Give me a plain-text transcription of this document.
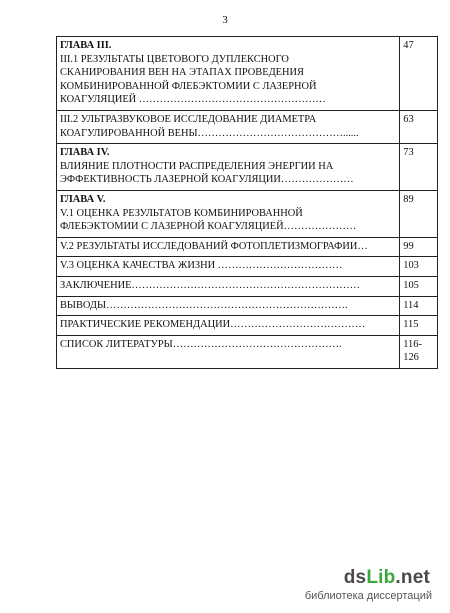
3
ГЛАВА III.
III.1 РЕЗУЛЬТАТЫ ЦВЕТОВОГО ДУПЛЕКСНОГО
СКАНИРОВАНИЯ ВЕН НА ЭТАПАХ ПРОВЕДЕНИЯ
КОМБИНИРОВАННОЙ ФЛЕБЭКТОМИИ С ЛАЗЕРНОЙ
КОАГУЛЯЦИЕЙ ………………………………………………	47

III.2 УЛЬТРАЗВУКОВОЕ ИССЛЕДОВАНИЕ ДИАМЕТРА
КОАГУЛИРОВАННОЙ ВЕНЫ……………………………………......	63

ГЛАВА IV.
ВЛИЯНИЕ ПЛОТНОСТИ РАСПРЕДЕЛЕНИЯ ЭНЕРГИИ НА
ЭФФЕКТИВНОСТЬ ЛАЗЕРНОЙ КОАГУЛЯЦИИ…………………	73

ГЛАВА V.
V.1 ОЦЕНКА РЕЗУЛЬТАТОВ КОМБИНИРОВАННОЙ
ФЛЕБЭКТОМИИ С ЛАЗЕРНОЙ КОАГУЛЯЦИЕЙ…………………	89

V.2 РЕЗУЛЬТАТЫ ИССЛЕДОВАНИЙ ФОТОПЛЕТИЗМОГРАФИИ…	99

V.3 ОЦЕНКА КАЧЕСТВА ЖИЗНИ ………………………………	103

ЗАКЛЮЧЕНИЕ…………………………………………………………	105

ВЫВОДЫ…………………………………………………………….	114

ПРАКТИЧЕСКИЕ РЕКОМЕНДАЦИИ…………………………………	115

СПИСОК ЛИТЕРАТУРЫ………………………………………….	116-
126
dsLib.net
библиотека диссертаций
